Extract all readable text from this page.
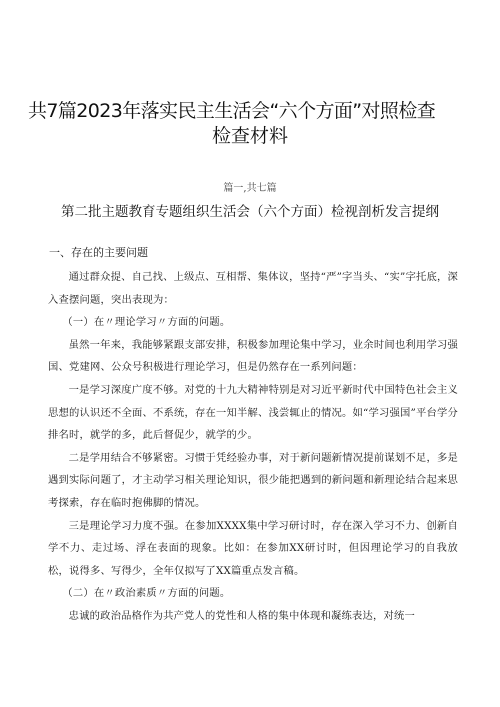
共7篇2023年落实民主生活会“六个方面”对照检查
检查材料
篇一,共七篇
第二批主题教育专题组织生活会（六个方面）检视剖析发言提纲
一、存在的主要问题

通过群众提、自己找、上级点、互相帮、集体议，坚持“严”字当头、“实”字托底，深入查摆问题，突出表现为：

（一）在〃理论学习〃方面的问题。

虽然一年来，我能够紧跟支部安排，积极参加理论集中学习，业余时间也利用学习强国、党建网、公众号积极进行理论学习，但是仍然存在一系列问题：

一是学习深度广度不够。对党的十九大精神特别是对习近平新时代中国特色社会主义思想的认识还不全面、不系统，存在一知半解、浅尝辄止的情况。如“学习强国”平台学分排名时，就学的多，此后督促少，就学的少。

二是学用结合不够紧密。习惯于凭经验办事，对于新问题新情况提前谋划不足，多是遇到实际问题了，才主动学习相关理论知识，很少能把遇到的新问题和新理论结合起来思考探索，存在临时抱佛脚的情况。

三是理论学习力度不强。在参加XXXX集中学习研讨时，存在深入学习不力、创新自学不力、走过场、浮在表面的现象。比如：在参加XX研讨时，但因理论学习的自我放松，说得多、写得少，全年仅拟写了XX篇重点发言稿。

（二）在〃政治素质〃方面的问题。

忠诚的政治品格作为共产党人的党性和人格的集中体现和凝练表达，对统一
